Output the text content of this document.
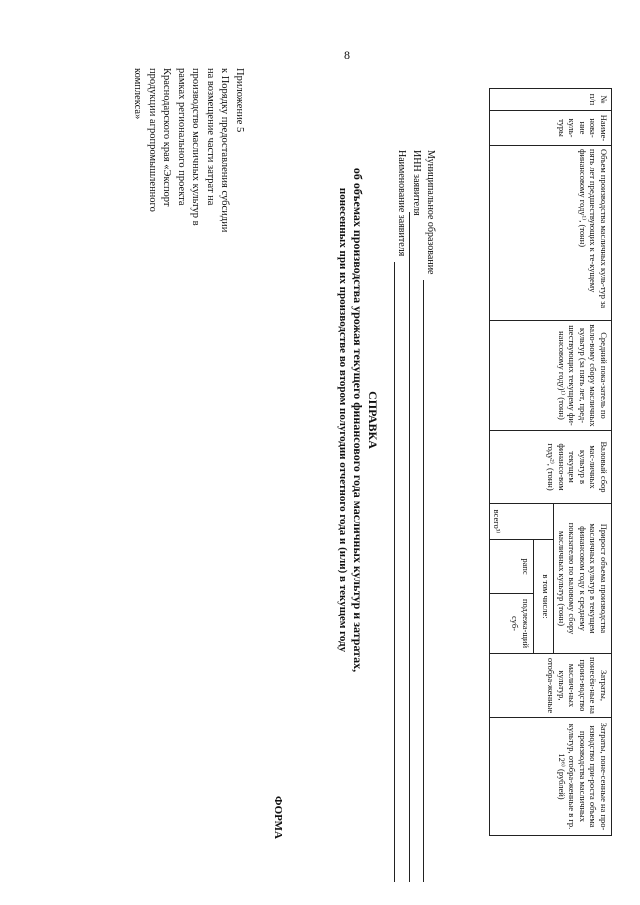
8
Приложение 5
к Порядку предоставления субсидии
на возмещение части затрат на
производство масличных культур в
рамках регионального проекта
Краснодарского края «Экспорт
продукции агропромышленного
комплекса»
СПРАВКА
об объемах производства урожая текущего финансового года масличных культур и затратах,
понесенных при их производстве во втором полугодии отчетного года и (или) в текущем году
ФОРМА
Наименование заявителя ИНН заявителя Муниципальное образование
№ п/п	Наиме-нова-ние куль-туры	Объем производства масличных куль-тур за пять лет предшествующих к те-кущему финансовому году¹⁾, (тонн)	Средний пока-затель по вало-вому сбору масличных культур (за пять лет, пред-шествующих текущему фи-нансовому году)¹⁾ (тонн)	Валовый сбор мас-личных культур в текущем финансо-вом году²⁾, (тонн)	Прирост объема производства масличных культур в текущем финансовом году к среднему показателю по валовому сбору масличных культур (тонн)			Затраты, понесён-ные на произ-водство маслич-ных культур, отобра-женные	Затраты, поне-сенные на про-изводство при-роста объема производства масличных культур, отобра-женные в гр. 12⁶⁾ (рублей)
					всего³⁾	в том числе:			
						рапс	подлежа-щий суб-		
